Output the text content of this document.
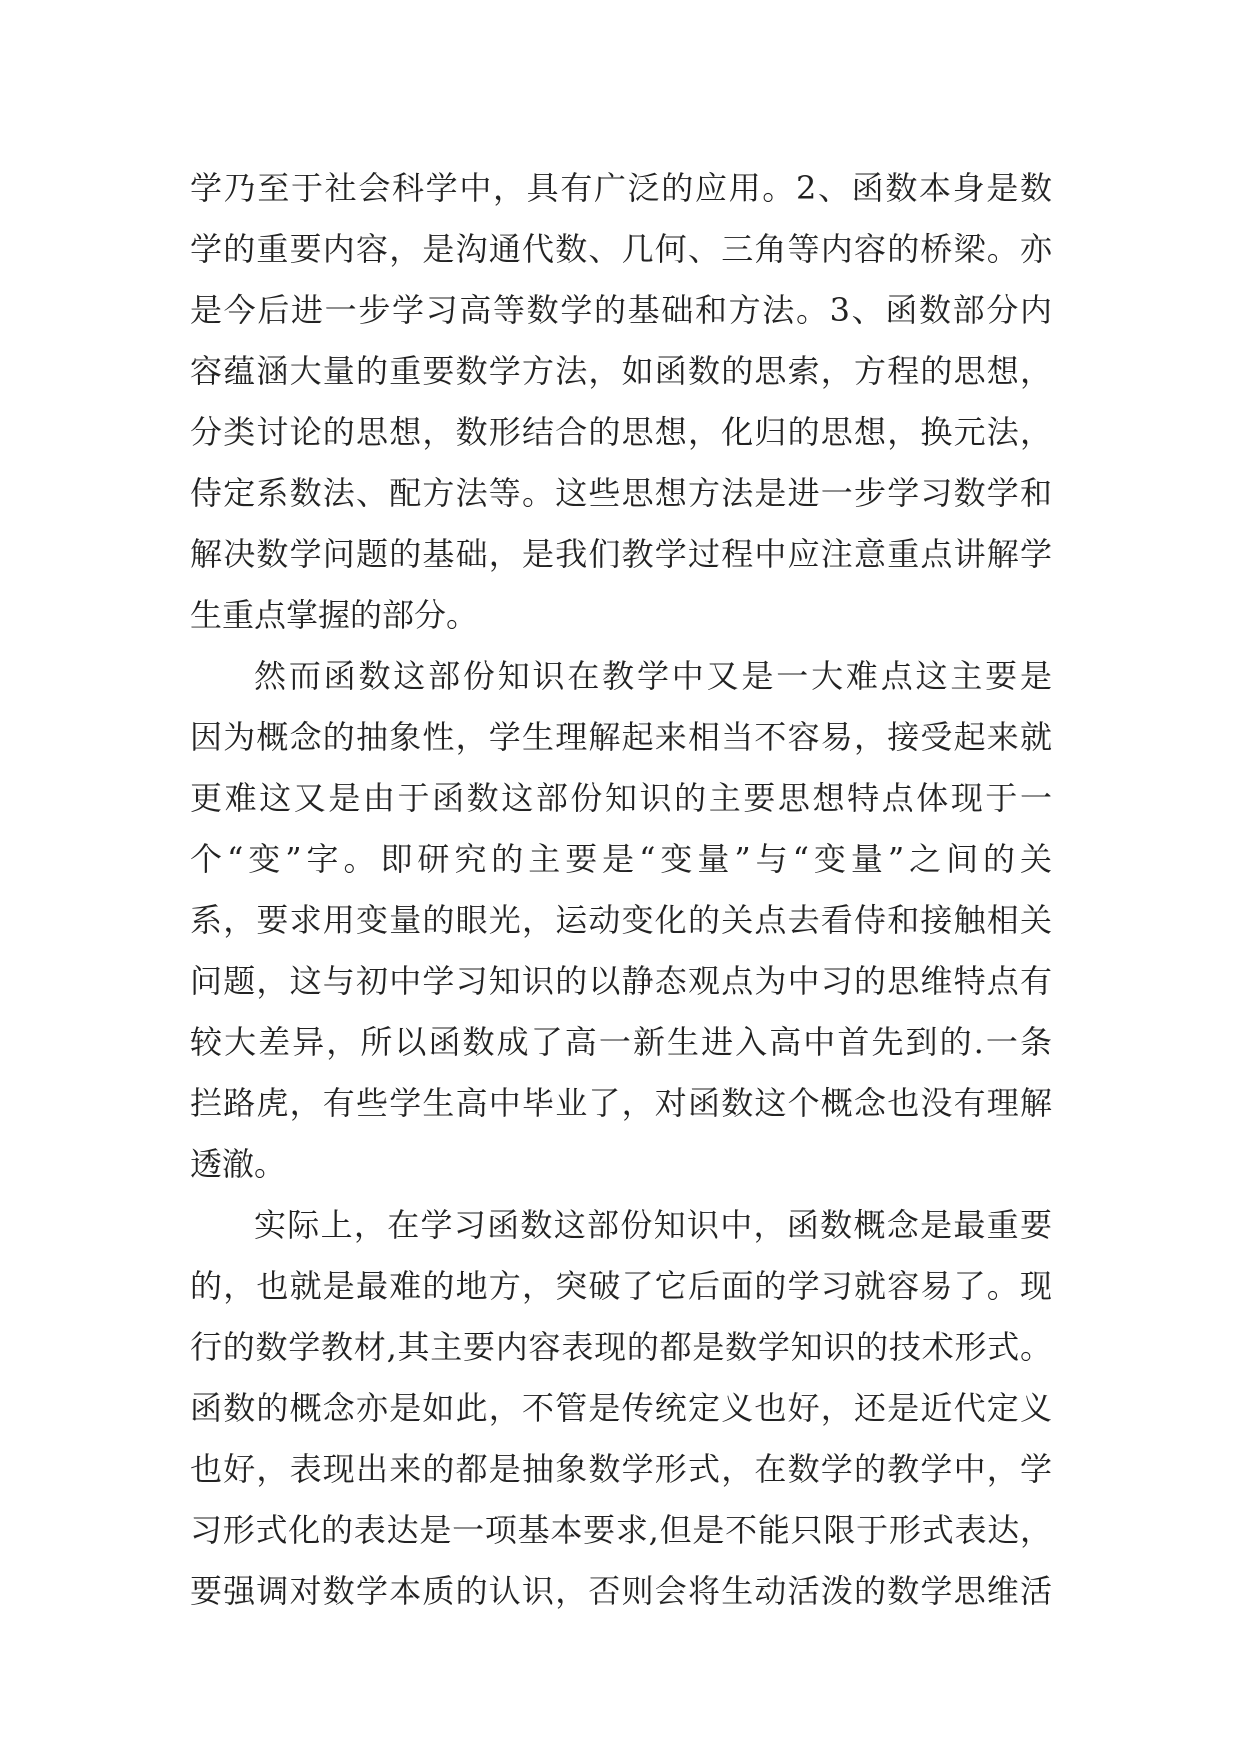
学乃至于社会科学中，具有广泛的应用。2、函数本身是数
学的重要内容，是沟通代数、几何、三角等内容的桥梁。亦
是今后进一步学习高等数学的基础和方法。3、函数部分内
容蕴涵大量的重要数学方法，如函数的思索，方程的思想，
分类讨论的思想，数形结合的思想，化归的思想，换元法，
侍定系数法、配方法等。这些思想方法是进一步学习数学和
解决数学问题的基础，是我们教学过程中应注意重点讲解学
生重点掌握的部分。
然而函数这部份知识在教学中又是一大难点这主要是
因为概念的抽象性，学生理解起来相当不容易，接受起来就
更难这又是由于函数这部份知识的主要思想特点体现于一
个“变”字。即研究的主要是“变量”与“变量”之间的关
系，要求用变量的眼光，运动变化的关点去看侍和接触相关
问题，这与初中学习知识的以静态观点为中习的思维特点有
较大差异，所以函数成了高一新生进入高中首先到的.一条
拦路虎，有些学生高中毕业了，对函数这个概念也没有理解
透澈。
实际上，在学习函数这部份知识中，函数概念是最重要
的，也就是最难的地方，突破了它后面的学习就容易了。现
行的数学教材,其主要内容表现的都是数学知识的技术形式。
函数的概念亦是如此，不管是传统定义也好，还是近代定义
也好，表现出来的都是抽象数学形式，在数学的教学中，学
习形式化的表达是一项基本要求,但是不能只限于形式表达，
要强调对数学本质的认识，否则会将生动活泼的数学思维活
